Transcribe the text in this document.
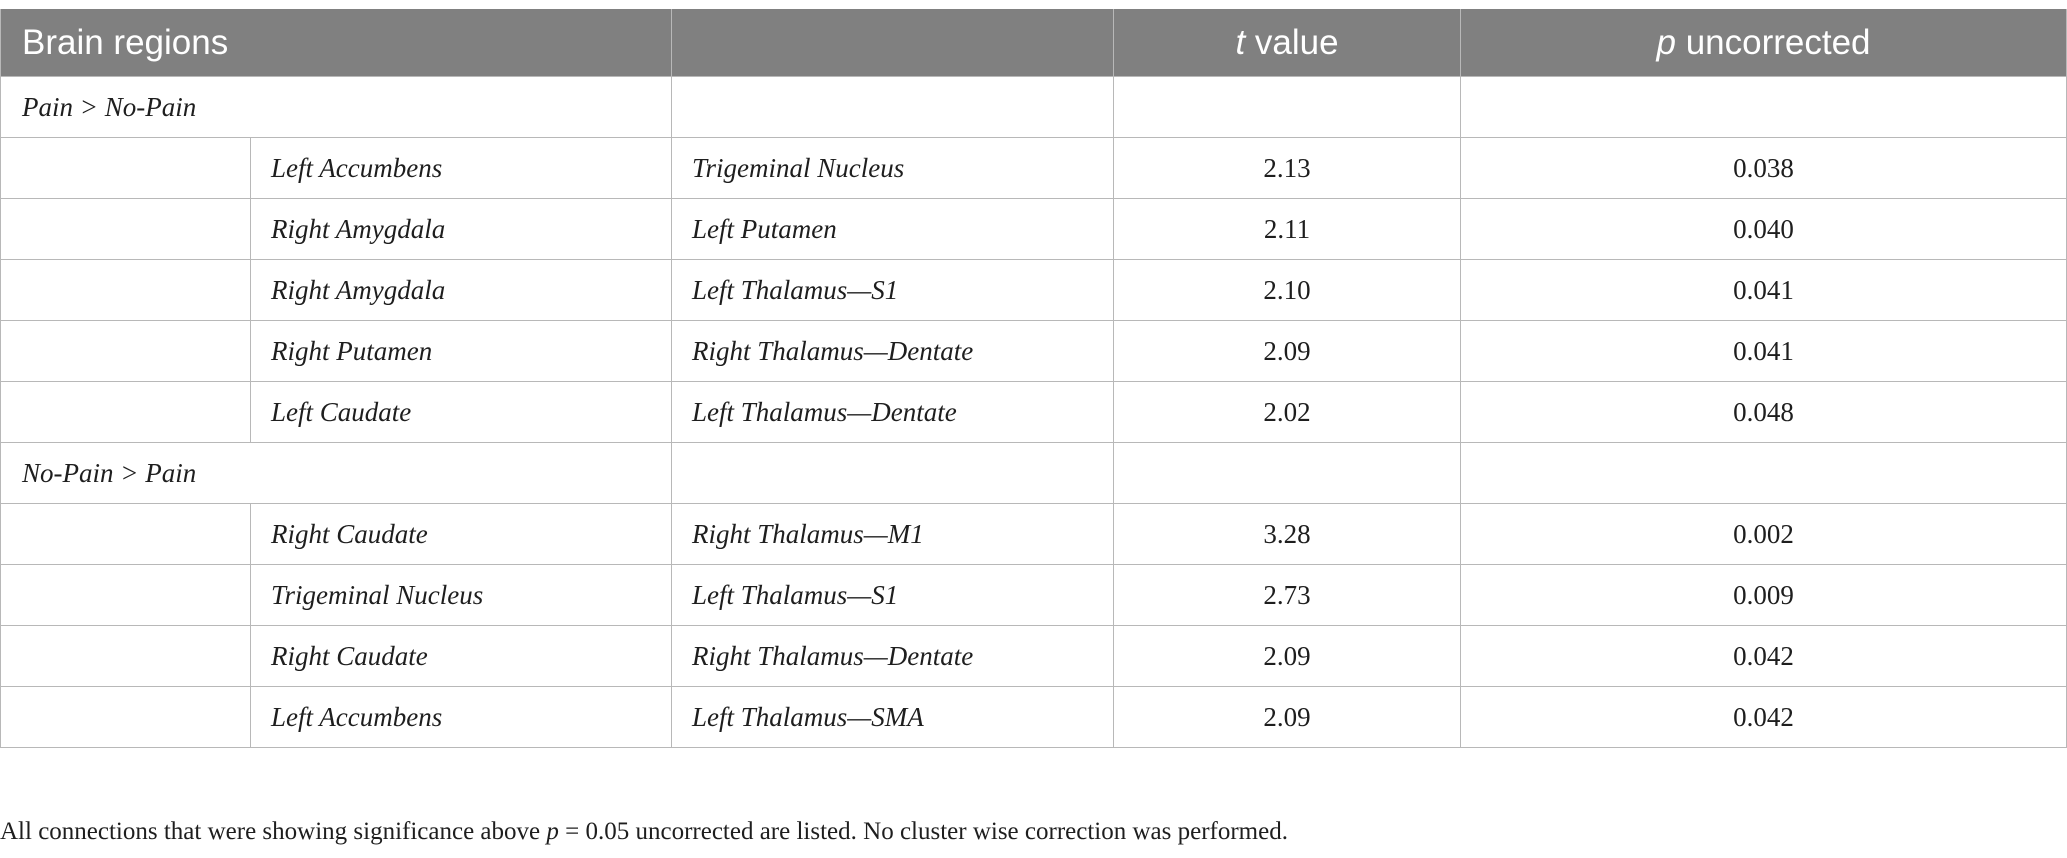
Brain regions			t value	p uncorrected
Pain > No-Pain				
	Left Accumbens	Trigeminal Nucleus	2.13	0.038
	Right Amygdala	Left Putamen	2.11	0.040
	Right Amygdala	Left Thalamus—S1	2.10	0.041
	Right Putamen	Right Thalamus—Dentate	2.09	0.041
	Left Caudate	Left Thalamus—Dentate	2.02	0.048
No-Pain > Pain				
	Right Caudate	Right Thalamus—M1	3.28	0.002
	Trigeminal Nucleus	Left Thalamus—S1	2.73	0.009
	Right Caudate	Right Thalamus—Dentate	2.09	0.042
	Left Accumbens	Left Thalamus—SMA	2.09	0.042
All connections that were showing significance above p = 0.05 uncorrected are listed. No cluster wise correction was performed.
